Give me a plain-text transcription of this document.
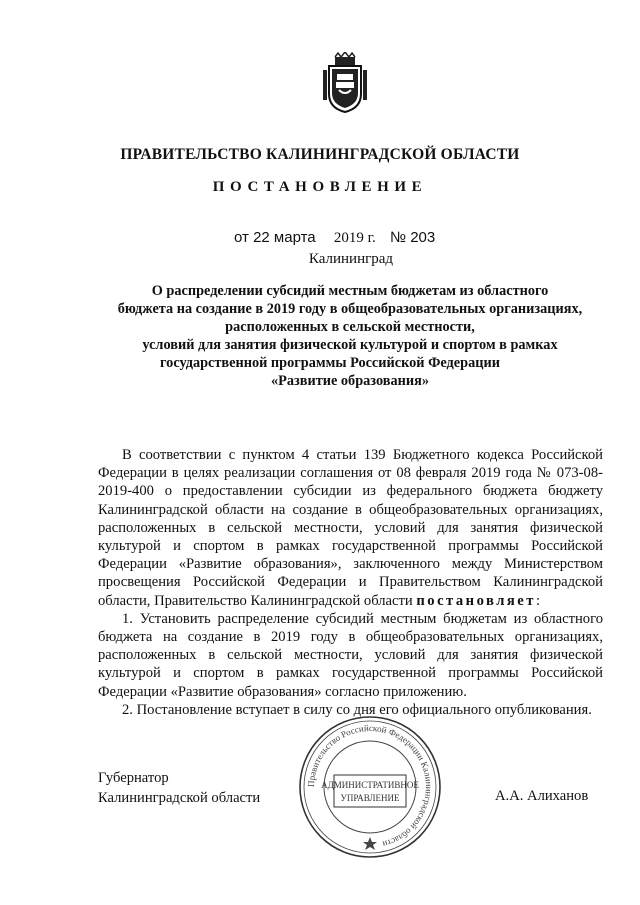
ПРАВИТЕЛЬСТВО КАЛИНИНГРАДСКОЙ ОБЛАСТИ
ПОСТАНОВЛЕНИЕ
от 22 марта 2019 г. № 203
Калининград
О распределении субсидий местным бюджетам из областного
бюджета на создание в 2019 году в общеобразовательных организациях,
расположенных в сельской местности,
условий для занятия физической культурой и спортом в рамках
государственной программы Российской Федерации
«Развитие образования»

В соответствии с пунктом 4 статьи 139 Бюджетного кодекса Российской Федерации в целях реализации соглашения от 08 февраля 2019 года № 073-08-2019-400 о предоставлении субсидии из федерального бюджета бюджету Калининградской области на создание в общеобразовательных организациях, расположенных в сельской местности, условий для занятия физической культурой и спортом в рамках государственной программы Российской Федерации «Развитие образования», заключенного между Министерством просвещения Российской Федерации и Правительством Калининградской области, Правительство Калининградской области постановляет:

1. Установить распределение субсидий местным бюджетам из областного бюджета на создание в 2019 году в общеобразовательных организациях, расположенных в сельской местности, условий для занятия физической культурой и спортом в рамках государственной программы Российской Федерации «Развитие образования» согласно приложению.

2. Постановление вступает в силу со дня его официального опубликования.

Губернатор
Калининградской области	А.А. Алиханов
Правительство Российской Федерации Калининградской области
АДМИНИСТРАТИВНОЕ
УПРАВЛЕНИЕ
